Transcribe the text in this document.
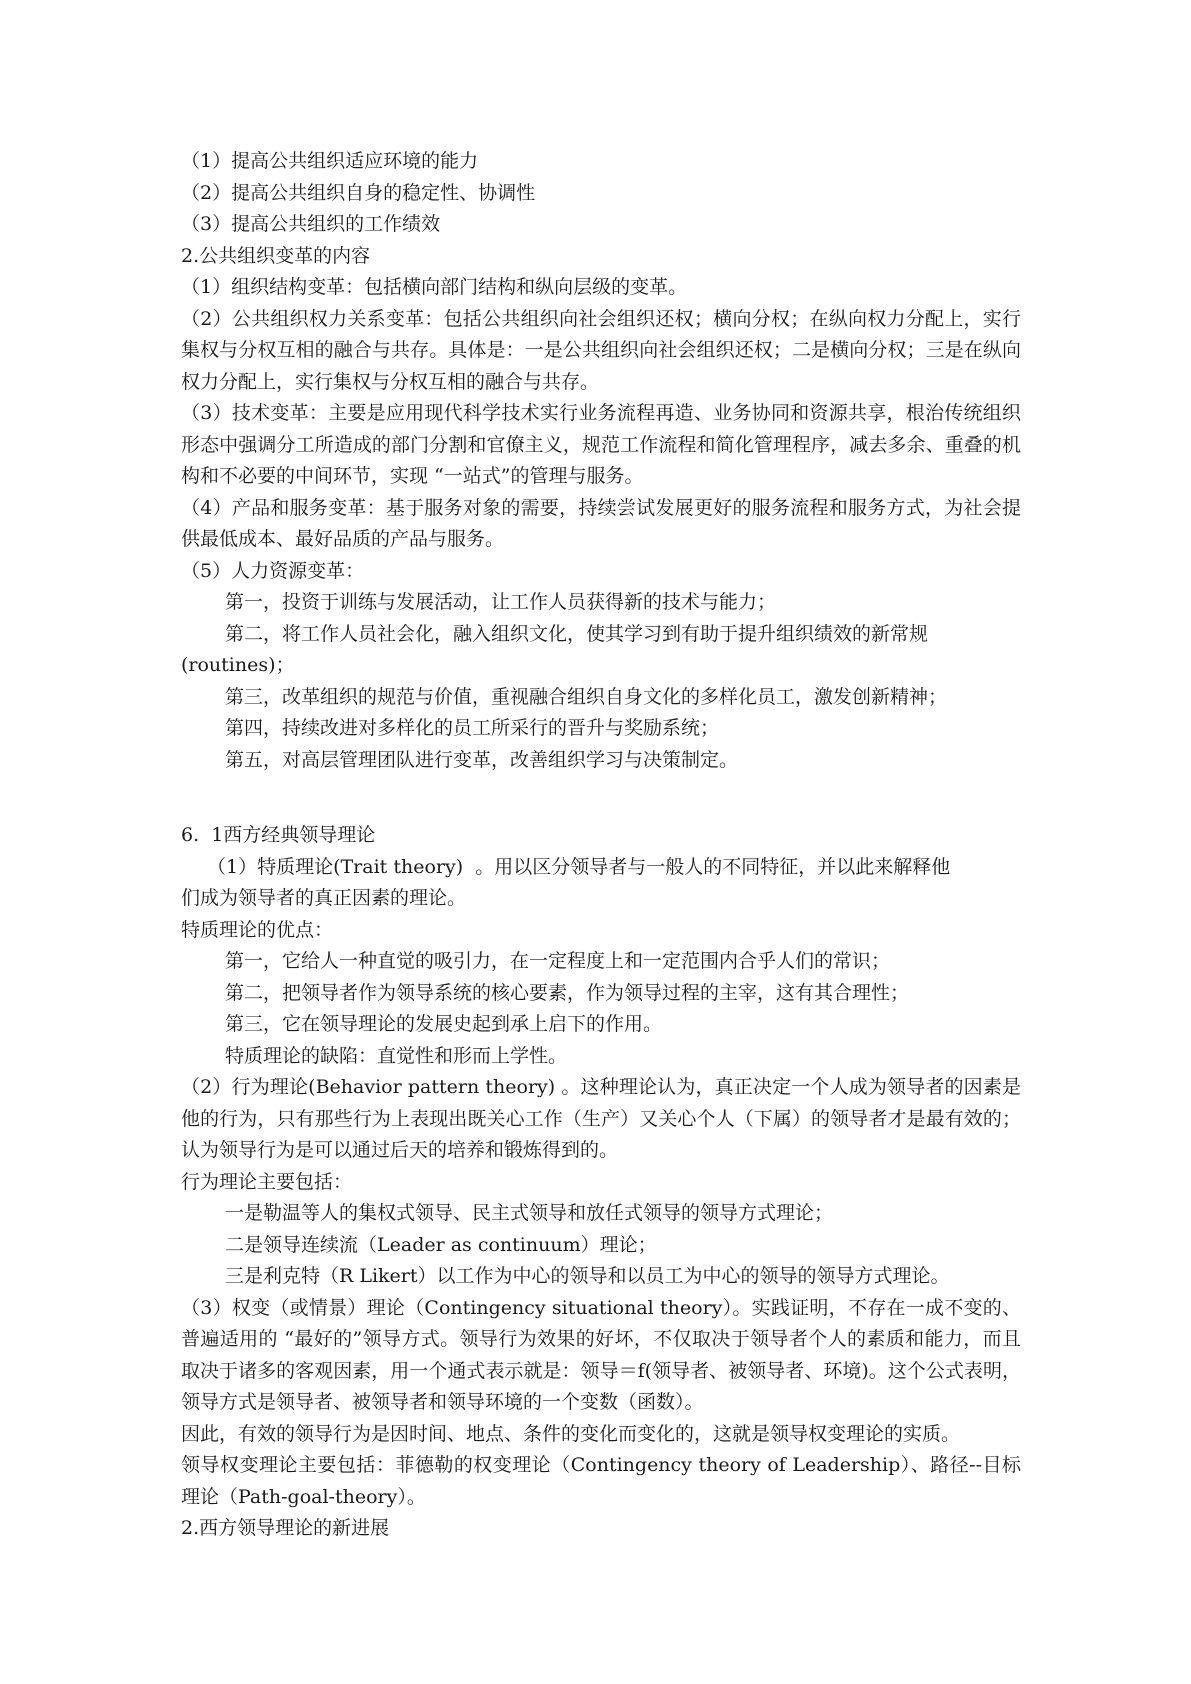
（1）提高公共组织适应环境的能力
（2）提高公共组织自身的稳定性、协调性
（3）提高公共组织的工作绩效
2.公共组织变革的内容
（1）组织结构变革：包括横向部门结构和纵向层级的变革。
（2）公共组织权力关系变革：包括公共组织向社会组织还权；横向分权；在纵向权力分配上，实行集权与分权互相的融合与共存。具体是：一是公共组织向社会组织还权；二是横向分权；三是在纵向权力分配上，实行集权与分权互相的融合与共存。
（3）技术变革：主要是应用现代科学技术实行业务流程再造、业务协同和资源共享，根治传统组织形态中强调分工所造成的部门分割和官僚主义，规范工作流程和简化管理程序，减去多余、重叠的机构和不必要的中间环节，实现 “一站式”的管理与服务。
（4）产品和服务变革：基于服务对象的需要，持续尝试发展更好的服务流程和服务方式，为社会提供最低成本、最好品质的产品与服务。
（5）人力资源变革：
第一，投资于训练与发展活动，让工作人员获得新的技术与能力；
第二，将工作人员社会化，融入组织文化，使其学习到有助于提升组织绩效的新常规
(routines)；
第三，改革组织的规范与价值，重视融合组织自身文化的多样化员工，激发创新精神；
第四，持续改进对多样化的员工所采行的晋升与奖励系统；
第五，对高层管理团队进行变革，改善组织学习与决策制定。
6.  1西方经典领导理论
（1）特质理论(Trait theory)  。用以区分领导者与一般人的不同特征，并以此来解释他
们成为领导者的真正因素的理论。
特质理论的优点：
第一，它给人一种直觉的吸引力，在一定程度上和一定范围内合乎人们的常识；
第二，把领导者作为领导系统的核心要素，作为领导过程的主宰，这有其合理性；
第三，它在领导理论的发展史起到承上启下的作用。
特质理论的缺陷：直觉性和形而上学性。
（2）行为理论(Behavior pattern theory) 。这种理论认为，真正决定一个人成为领导者的因素是他的行为，只有那些行为上表现出既关心工作（生产）又关心个人（下属）的领导者才是最有效的；认为领导行为是可以通过后天的培养和锻炼得到的。
行为理论主要包括：
一是勒温等人的集权式领导、民主式领导和放任式领导的领导方式理论；
二是领导连续流（Leader as continuum）理论；
三是利克特（R Likert）以工作为中心的领导和以员工为中心的领导的领导方式理论。
（3）权变（或情景）理论（Contingency situational theory）。实践证明，不存在一成不变的、普遍适用的 “最好的”领导方式。领导行为效果的好坏，不仅取决于领导者个人的素质和能力，而且取决于诸多的客观因素，用一个通式表示就是：领导＝f(领导者、被领导者、环境)。这个公式表明，领导方式是领导者、被领导者和领导环境的一个变数（函数）。
因此，有效的领导行为是因时间、地点、条件的变化而变化的，这就是领导权变理论的实质。
领导权变理论主要包括：菲德勒的权变理论（Contingency theory of Leadership）、路径--目标理论（Path-goal-theory）。
2.西方领导理论的新进展
